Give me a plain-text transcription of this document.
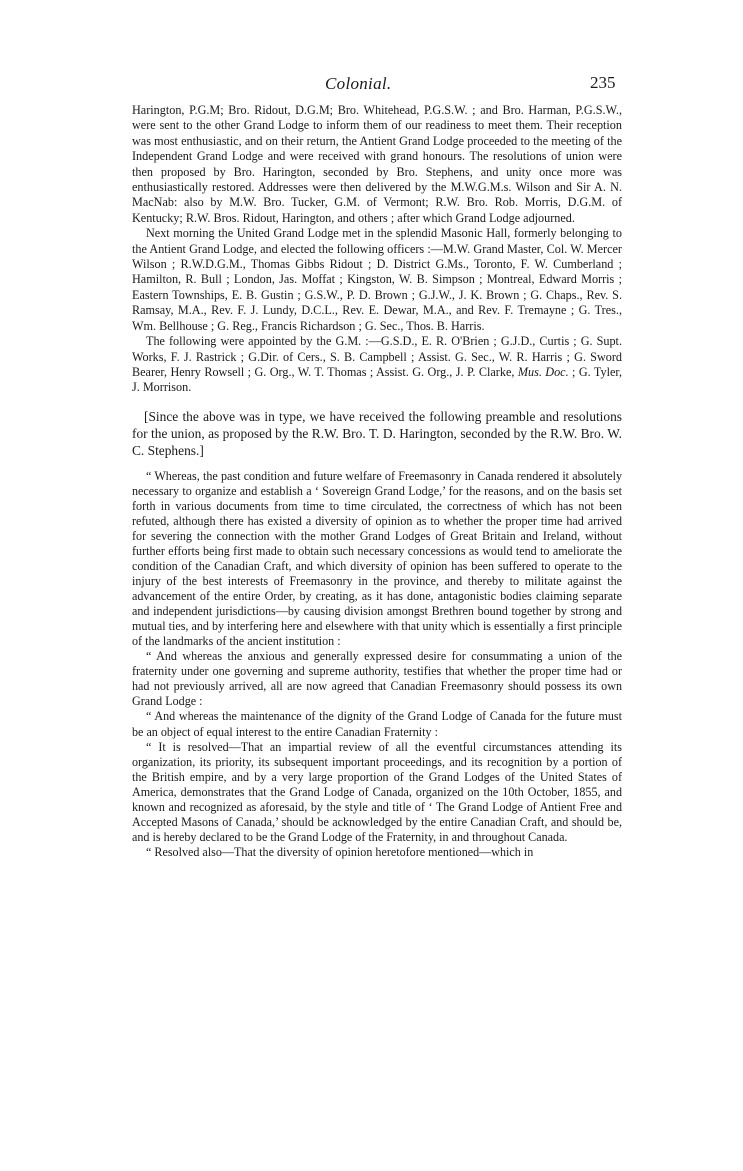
Colonial.	235

Harington, P.G.M; Bro. Ridout, D.G.M; Bro. Whitehead, P.G.S.W. ; and Bro. Harman, P.G.S.W., were sent to the other Grand Lodge to inform them of our readiness to meet them. Their reception was most enthusiastic, and on their return, the Antient Grand Lodge proceeded to the meeting of the Independent Grand Lodge and were received with grand honours. The resolutions of union were then proposed by Bro. Harington, seconded by Bro. Stephens, and unity once more was enthusiastically restored. Addresses were then delivered by the M.W.G.M.s. Wilson and Sir A. N. MacNab: also by M.W. Bro. Tucker, G.M. of Vermont; R.W. Bro. Rob. Morris, D.G.M. of Kentucky; R.W. Bros. Ridout, Harington, and others ; after which Grand Lodge adjourned.

Next morning the United Grand Lodge met in the splendid Masonic Hall, formerly belonging to the Antient Grand Lodge, and elected the following officers :—M.W. Grand Master, Col. W. Mercer Wilson ; R.W.D.G.M., Thomas Gibbs Ridout ; D. District G.Ms., Toronto, F. W. Cumberland ; Hamilton, R. Bull ; London, Jas. Moffat ; Kingston, W. B. Simpson ; Montreal, Edward Morris ; Eastern Townships, E. B. Gustin ; G.S.W., P. D. Brown ; G.J.W., J. K. Brown ; G. Chaps., Rev. S. Ramsay, M.A., Rev. F. J. Lundy, D.C.L., Rev. E. Dewar, M.A., and Rev. F. Tremayne ; G. Tres., Wm. Bellhouse ; G. Reg., Francis Richardson ; G. Sec., Thos. B. Harris.

The following were appointed by the G.M. :—G.S.D., E. R. O'Brien ; G.J.D., Curtis ; G. Supt. Works, F. J. Rastrick ; G.Dir. of Cers., S. B. Campbell ; Assist. G. Sec., W. R. Harris ; G. Sword Bearer, Henry Rowsell ; G. Org., W. T. Thomas ; Assist. G. Org., J. P. Clarke, Mus. Doc. ; G. Tyler, J. Morrison.

[Since the above was in type, we have received the following preamble and resolutions for the union, as proposed by the R.W. Bro. T. D. Harington, seconded by the R.W. Bro. W. C. Stephens.]

“ Whereas, the past condition and future welfare of Freemasonry in Canada rendered it absolutely necessary to organize and establish a ‘ Sovereign Grand Lodge,’ for the reasons, and on the basis set forth in various documents from time to time circulated, the correctness of which has not been refuted, although there has existed a diversity of opinion as to whether the proper time had arrived for severing the connection with the mother Grand Lodges of Great Britain and Ireland, without further efforts being first made to obtain such necessary concessions as would tend to ameliorate the condition of the Canadian Craft, and which diversity of opinion has been suffered to operate to the injury of the best interests of Freemasonry in the province, and thereby to militate against the advancement of the entire Order, by creating, as it has done, antagonistic bodies claiming separate and independent jurisdictions—by causing division amongst Brethren bound together by strong and mutual ties, and by interfering here and elsewhere with that unity which is essentially a first principle of the landmarks of the ancient institution :

“ And whereas the anxious and generally expressed desire for consummating a union of the fraternity under one governing and supreme authority, testifies that whether the proper time had or had not previously arrived, all are now agreed that Canadian Freemasonry should possess its own Grand Lodge :

“ And whereas the maintenance of the dignity of the Grand Lodge of Canada for the future must be an object of equal interest to the entire Canadian Fraternity :

“ It is resolved—That an impartial review of all the eventful circumstances attending its organization, its priority, its subsequent important proceedings, and its recognition by a portion of the British empire, and by a very large proportion of the Grand Lodges of the United States of America, demonstrates that the Grand Lodge of Canada, organized on the 10th October, 1855, and known and recognized as aforesaid, by the style and title of ‘ The Grand Lodge of Antient Free and Accepted Masons of Canada,’ should be acknowledged by the entire Canadian Craft, and should be, and is hereby declared to be the Grand Lodge of the Fraternity, in and throughout Canada.

“ Resolved also—That the diversity of opinion heretofore mentioned—which in
